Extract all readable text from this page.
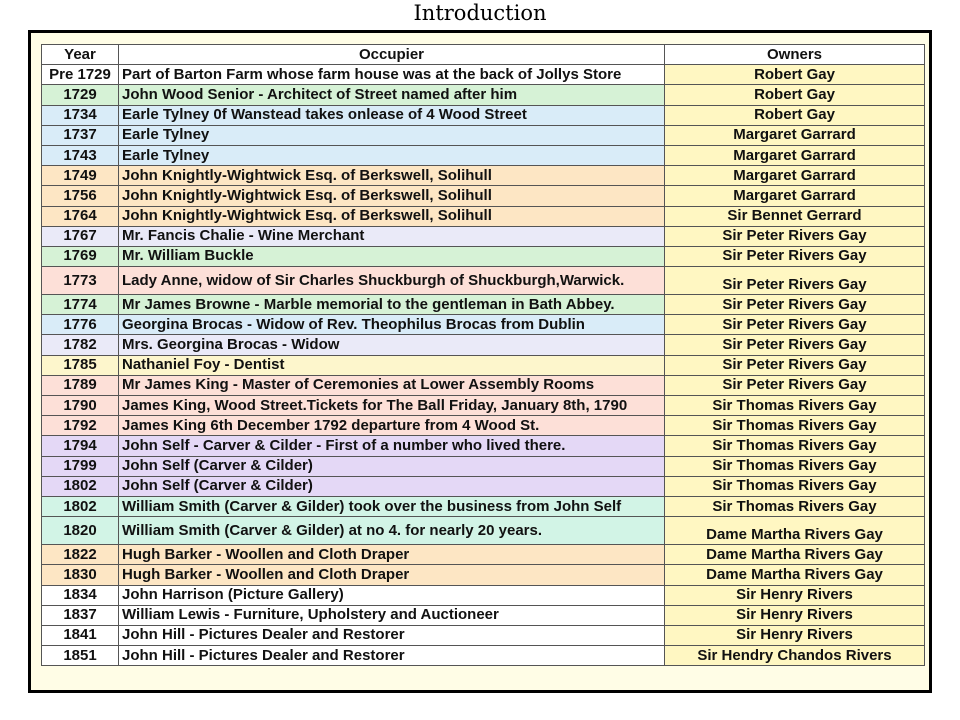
Introduction
Year	Occupier	Owners
Pre 1729	Part of Barton Farm whose farm house was at the back of Jollys Store	Robert Gay
1729	John Wood Senior - Architect of Street named after him	Robert Gay
1734	Earle Tylney 0f Wanstead takes onlease of 4 Wood Street	Robert Gay
1737	Earle Tylney	Margaret Garrard
1743	Earle Tylney	Margaret Garrard
1749	John Knightly-Wightwick Esq. of Berkswell, Solihull	Margaret Garrard
1756	John Knightly-Wightwick Esq. of Berkswell, Solihull	Margaret Garrard
1764	John Knightly-Wightwick Esq. of Berkswell, Solihull	Sir Bennet Gerrard
1767	Mr. Fancis Chalie - Wine Merchant	Sir Peter Rivers Gay
1769	Mr. William Buckle	Sir Peter Rivers Gay
1773	Lady Anne, widow of Sir Charles Shuckburgh of Shuckburgh,Warwick.	Sir Peter Rivers Gay
1774	Mr James Browne - Marble memorial to the gentleman in Bath Abbey.	Sir Peter Rivers Gay
1776	Georgina Brocas - Widow of Rev. Theophilus Brocas from Dublin	Sir Peter Rivers Gay
1782	Mrs. Georgina Brocas - Widow	Sir Peter Rivers Gay
1785	Nathaniel Foy - Dentist	Sir Peter Rivers Gay
1789	Mr James King - Master of Ceremonies at Lower Assembly Rooms	Sir Peter Rivers Gay
1790	James King, Wood Street.Tickets for The Ball Friday, January 8th, 1790	Sir Thomas Rivers Gay
1792	James King 6th December 1792 departure from 4 Wood St.	Sir Thomas Rivers Gay
1794	John Self - Carver & Cilder - First of a number who lived there.	Sir Thomas Rivers Gay
1799	John Self (Carver & Cilder)	Sir Thomas Rivers Gay
1802	John Self (Carver & Cilder)	Sir Thomas Rivers Gay
1802	William Smith (Carver & Gilder) took over the business from John Self	Sir Thomas Rivers Gay
1820	William Smith (Carver & Gilder) at no 4. for nearly 20 years.	Dame Martha Rivers Gay
1822	Hugh Barker - Woollen and Cloth Draper	Dame Martha Rivers Gay
1830	Hugh Barker - Woollen and Cloth Draper	Dame Martha Rivers Gay
1834	John Harrison (Picture Gallery)	Sir Henry Rivers
1837	William Lewis - Furniture, Upholstery and Auctioneer	Sir Henry Rivers
1841	John Hill - Pictures Dealer and Restorer	Sir Henry Rivers
1851	John Hill - Pictures Dealer and Restorer	Sir Hendry Chandos Rivers
